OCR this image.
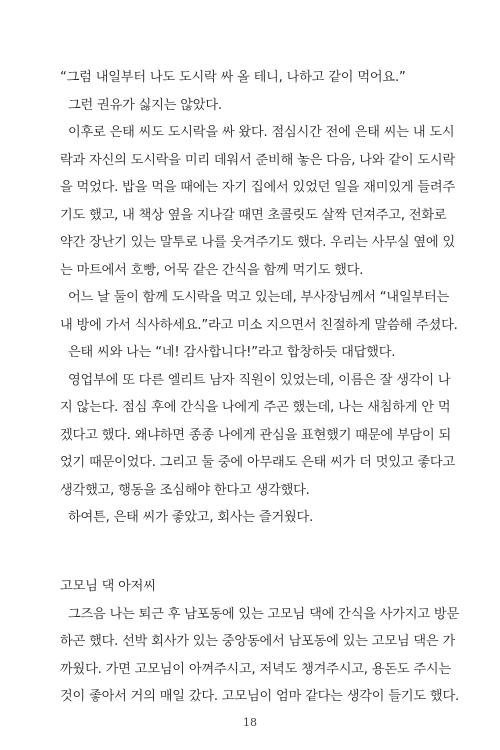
“그럼 내일부터 나도 도시락 싸 올 테니, 나하고 같이 먹어요.”
그런 권유가 싫지는 않았다.
이후로 은태 씨도 도시락을 싸 왔다. 점심시간 전에 은태 씨는 내 도시
락과 자신의 도시락을 미리 데워서 준비해 놓은 다음, 나와 같이 도시락
을 먹었다. 밥을 먹을 때에는 자기 집에서 있었던 일을 재미있게 들려주
기도 했고, 내 책상 옆을 지나갈 때면 초콜릿도 살짝 던져주고, 전화로
약간 장난기 있는 말투로 나를 웃겨주기도 했다. 우리는 사무실 옆에 있
는 마트에서 호빵, 어묵 같은 간식을 함께 먹기도 했다.
어느 날 둘이 함께 도시락을 먹고 있는데, 부사장님께서 “내일부터는
내 방에 가서 식사하세요.”라고 미소 지으면서 친절하게 말씀해 주셨다.
은태 씨와 나는 “네! 감사합니다!”라고 합창하듯 대답했다.
영업부에 또 다른 엘리트 남자 직원이 있었는데, 이름은 잘 생각이 나
지 않는다. 점심 후에 간식을 나에게 주곤 했는데, 나는 새침하게 안 먹
겠다고 했다. 왜냐하면 종종 나에게 관심을 표현했기 때문에 부담이 되
었기 때문이었다. 그리고 둘 중에 아무래도 은태 씨가 더 멋있고 좋다고
생각했고, 행동을 조심해야 한다고 생각했다.
하여튼, 은태 씨가 좋았고, 회사는 즐거웠다.
고모님 댁 아저씨
그즈음 나는 퇴근 후 남포동에 있는 고모님 댁에 간식을 사가지고 방문
하곤 했다. 선박 회사가 있는 중앙동에서 남포동에 있는 고모님 댁은 가
까웠다. 가면 고모님이 아껴주시고, 저녁도 챙겨주시고, 용돈도 주시는
것이 좋아서 거의 매일 갔다. 고모님이 엄마 같다는 생각이 들기도 했다.
18
